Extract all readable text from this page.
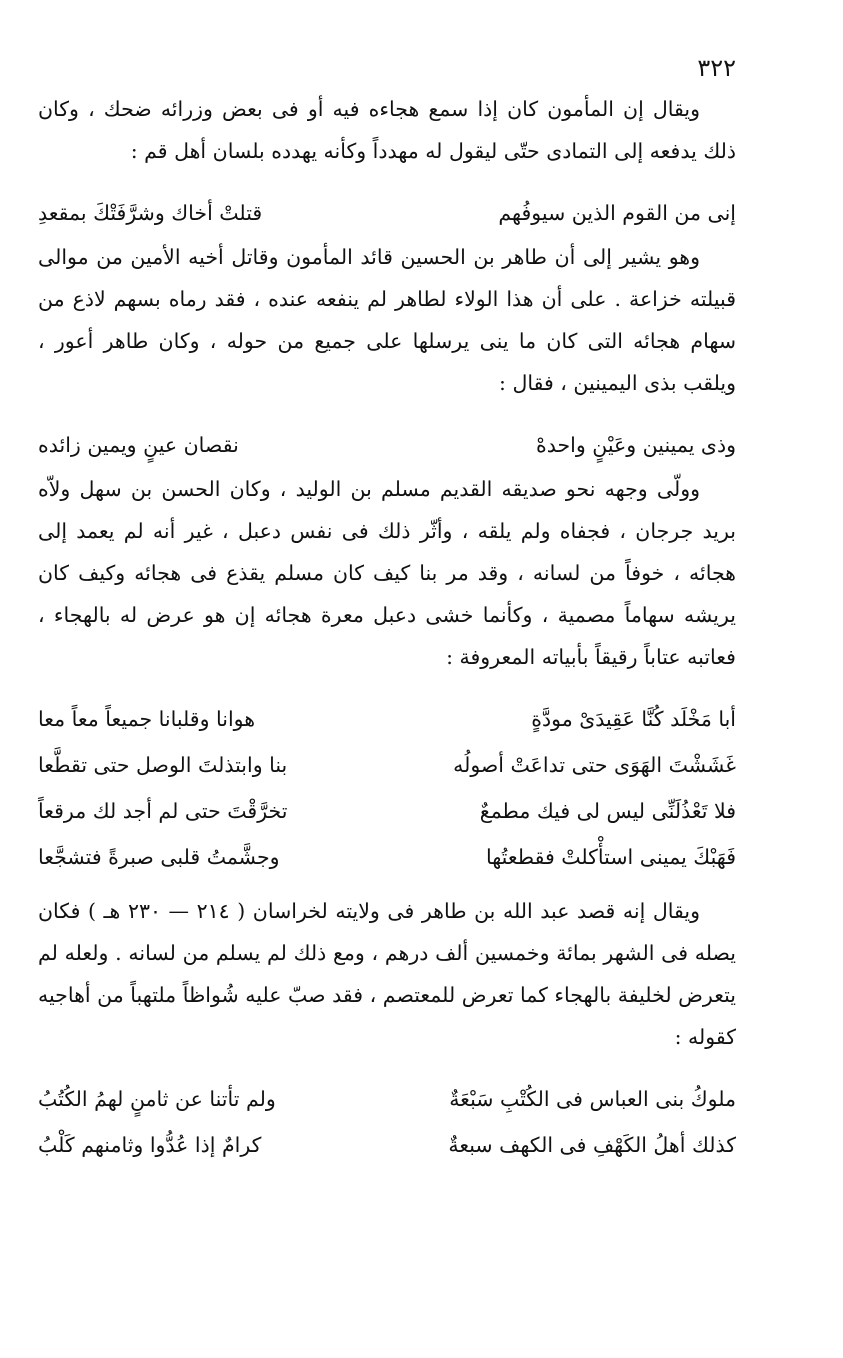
٣٢٢

ويقال إن المأمون كان إذا سمع هجاءه فيه أو فى بعض وزرائه ضحك ، وكان ذلك يدفعه إلى التمادى حتّى ليقول له مهدداً وكأنه يهدده بلسان أهل قم :

إنى من القوم الذين سيوفُهم
قتلتْ أخاك وشرَّفَتْكَ بمقعدِ

وهو يشير إلى أن طاهر بن الحسين قائد المأمون وقاتل أخيه الأمين من موالى قبيلته خزاعة . على أن هذا الولاء لطاهر لم ينفعه عنده ، فقد رماه بسهم لاذع من سهام هجائه التى كان ما ينى يرسلها على جميع من حوله ، وكان طاهر أعور ، ويلقب بذى اليمينين ، فقال :

وذى يمينين وعَيْنٍ واحدهْ
نقصان عينٍ ويمين زائده

وولّى وجهه نحو صديقه القديم مسلم بن الوليد ، وكان الحسن بن سهل ولاّه بريد جرجان ، فجفاه ولم يلقه ، وأثّر ذلك فى نفس دعبل ، غير أنه لم يعمد إلى هجائه ، خوفاً من لسانه ، وقد مر بنا كيف كان مسلم يقذع فى هجائه وكيف كان يريشه سهاماً مصمية ، وكأنما خشى دعبل معرة هجائه إن هو عرض له بالهجاء ، فعاتبه عتاباً رقيقاً بأبياته المعروفة :

أبا مَخْلَد كُنَّا عَقِيدَىْ مودَّةٍ
هوانا وقلبانا جميعاً معاً معا
غَشَشْتَ الهَوَى حتى تداعَتْ أصولُه
بنا وابتذلتَ الوصل حتى تقطَّعا
فلا تَعْذُلَنِّى ليس لى فيك مطمعٌ
تخرَّقْتَ حتى لم أجد لك مرقعاً
فَهَبْكَ يمينى استأْكلتْ فقطعتُها
وجشَّمتُ قلبى صبرةً فتشجَّعا

ويقال إنه قصد عبد الله بن طاهر فى ولايته لخراسان ( ٢١٤ — ٢٣٠ هـ ) فكان يصله فى الشهر بمائة وخمسين ألف درهم ، ومع ذلك لم يسلم من لسانه . ولعله لم يتعرض لخليفة بالهجاء كما تعرض للمعتصم ، فقد صبّ عليه شُواظاً ملتهباً من أهاجيه كقوله :

ملوكُ بنى العباس فى الكُتْبِ سَبْعَةٌ
ولم تأتنا عن ثامنٍ لهمُ الكُتُبُ
كذلك أهلُ الكَهْفِ فى الكهف سبعةٌ
كرامٌ إذا عُدُّوا وثامنهم كَلْبُ
